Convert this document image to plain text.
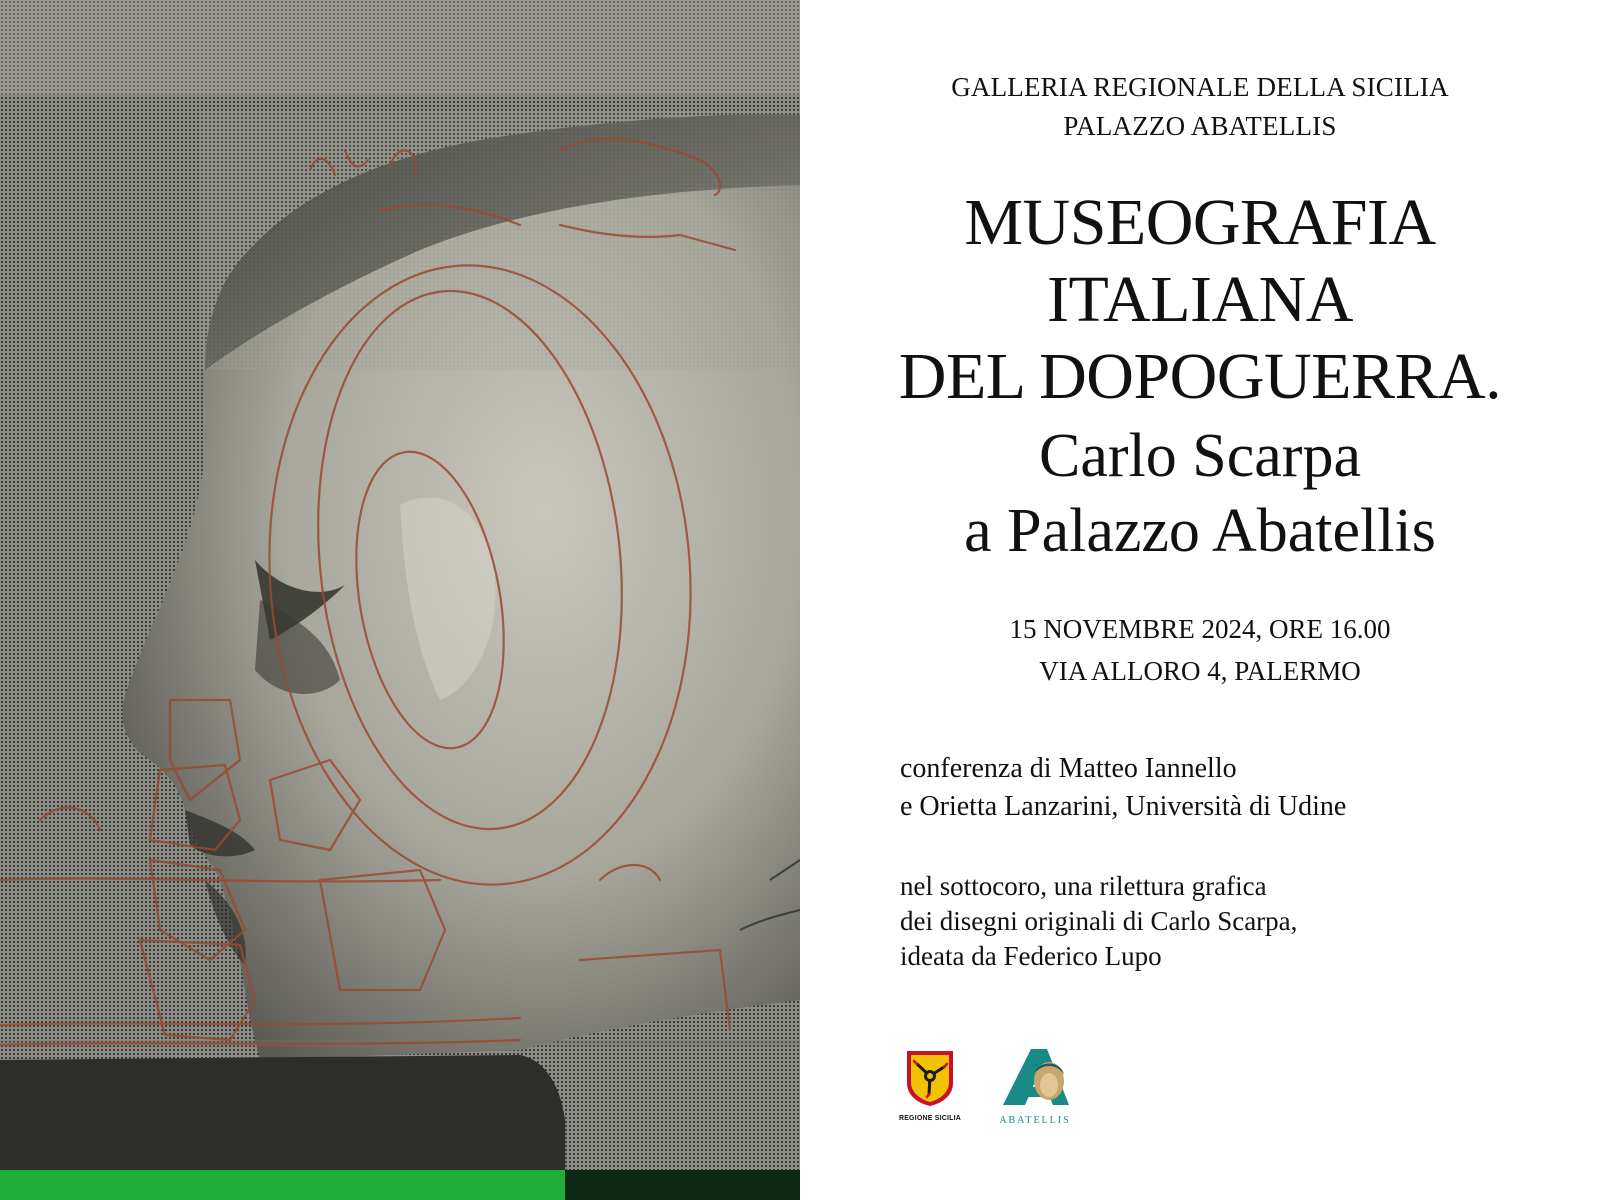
GALLERIA REGIONALE DELLA SICILIA
PALAZZO ABATELLIS
MUSEOGRAFIA
ITALIANA
DEL DOPOGUERRA.
Carlo Scarpa
a Palazzo Abatellis
15 NOVEMBRE 2024, ORE 16.00
VIA ALLORO 4, PALERMO
conferenza di Matteo Iannello
e Orietta Lanzarini, Università di Udine
nel sottocoro, una rilettura grafica
dei disegni originali di Carlo Scarpa,
ideata da Federico Lupo
REGIONE SICILIA	ABATELLIS
